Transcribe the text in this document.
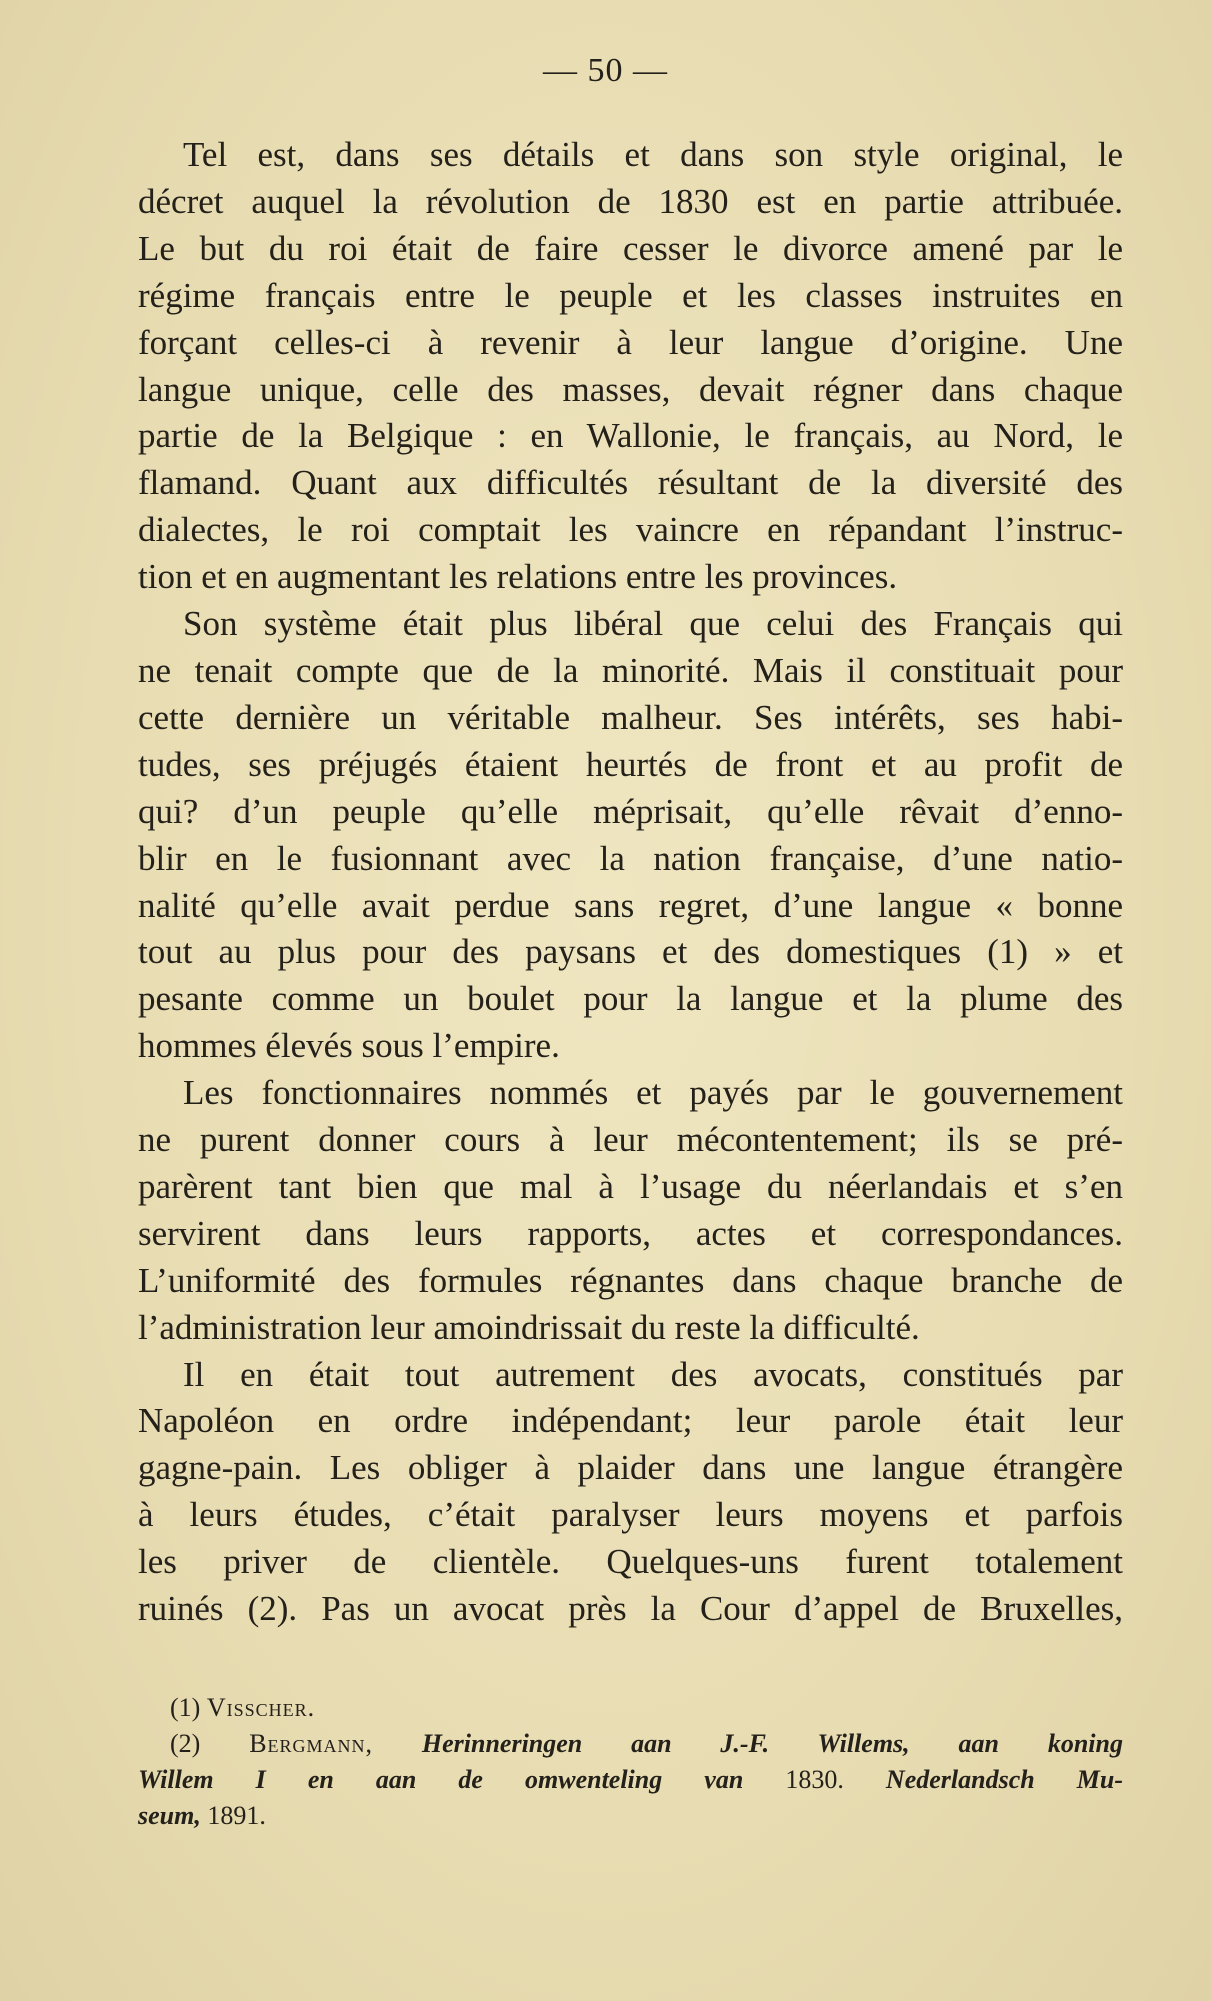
— 50 —
Tel est, dans ses détails et dans son style original, le
décret auquel la révolution de 1830 est en partie attribuée.
Le but du roi était de faire cesser le divorce amené par le
régime français entre le peuple et les classes instruites en
forçant celles-ci à revenir à leur langue d’origine. Une
langue unique, celle des masses, devait régner dans chaque
partie de la Belgique : en Wallonie, le français, au Nord, le
flamand. Quant aux difficultés résultant de la diversité des
dialectes, le roi comptait les vaincre en répandant l’instruc-
tion et en augmentant les relations entre les provinces.
Son système était plus libéral que celui des Français qui
ne tenait compte que de la minorité. Mais il constituait pour
cette dernière un véritable malheur. Ses intérêts, ses habi-
tudes, ses préjugés étaient heurtés de front et au profit de
qui? d’un peuple qu’elle méprisait, qu’elle rêvait d’enno-
blir en le fusionnant avec la nation française, d’une natio-
nalité qu’elle avait perdue sans regret, d’une langue « bonne
tout au plus pour des paysans et des domestiques (1) » et
pesante comme un boulet pour la langue et la plume des
hommes élevés sous l’empire.
Les fonctionnaires nommés et payés par le gouvernement
ne purent donner cours à leur mécontentement; ils se pré-
parèrent tant bien que mal à l’usage du néerlandais et s’en
servirent dans leurs rapports, actes et correspondances.
L’uniformité des formules régnantes dans chaque branche de
l’administration leur amoindrissait du reste la difficulté.
Il en était tout autrement des avocats, constitués par
Napoléon en ordre indépendant; leur parole était leur
gagne-pain. Les obliger à plaider dans une langue étrangère
à leurs études, c’était paralyser leurs moyens et parfois
les priver de clientèle. Quelques-uns furent totalement
ruinés (2). Pas un avocat près la Cour d’appel de Bruxelles,
(1) Visscher.
(2) Bergmann, Herinneringen aan J.-F. Willems, aan koning
Willem I en aan de omwenteling van 1830. Nederlandsch Mu-
seum, 1891.
